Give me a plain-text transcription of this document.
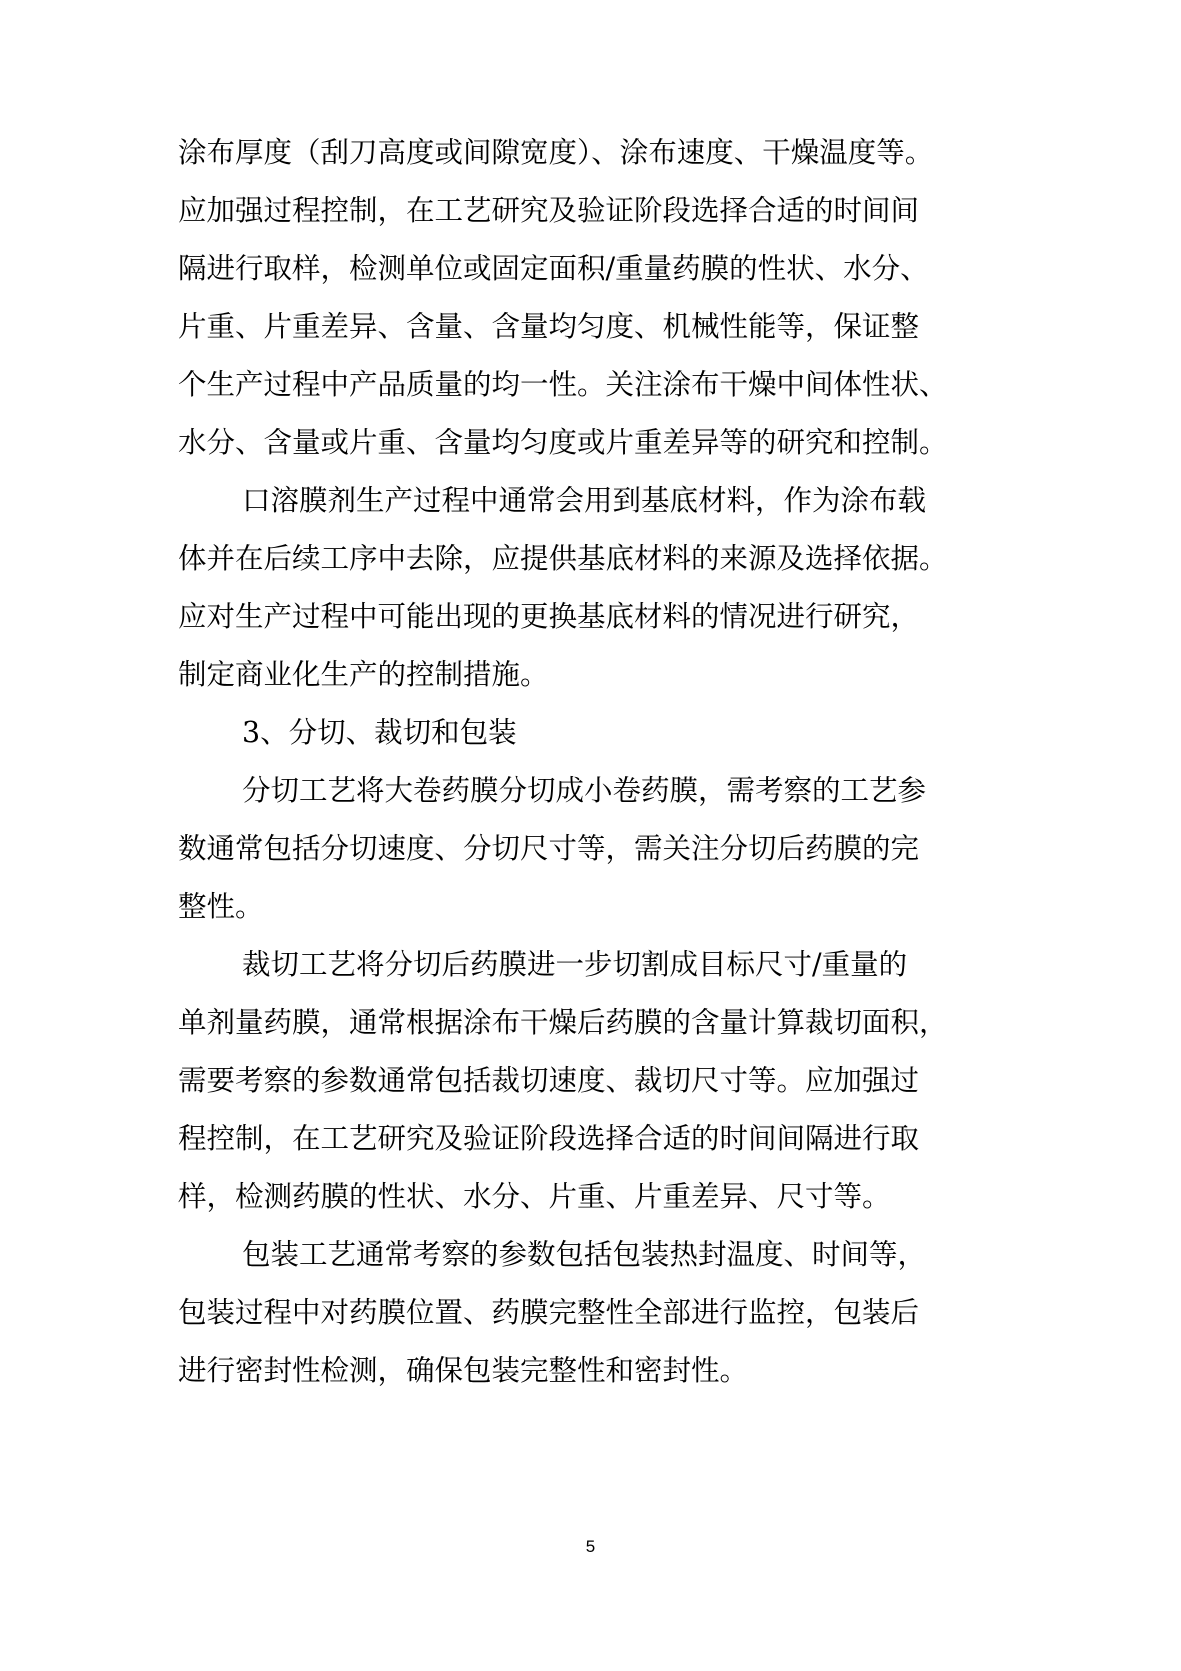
涂布厚度（刮刀高度或间隙宽度）、涂布速度、干燥温度等。
应加强过程控制，在工艺研究及验证阶段选择合适的时间间
隔进行取样，检测单位或固定面积/重量药膜的性状、水分、
片重、片重差异、含量、含量均匀度、机械性能等，保证整
个生产过程中产品质量的均一性。关注涂布干燥中间体性状、
水分、含量或片重、含量均匀度或片重差异等的研究和控制。
口溶膜剂生产过程中通常会用到基底材料，作为涂布载
体并在后续工序中去除，应提供基底材料的来源及选择依据。
应对生产过程中可能出现的更换基底材料的情况进行研究，
制定商业化生产的控制措施。
3、分切、裁切和包装
分切工艺将大卷药膜分切成小卷药膜，需考察的工艺参
数通常包括分切速度、分切尺寸等，需关注分切后药膜的完
整性。
裁切工艺将分切后药膜进一步切割成目标尺寸/重量的
单剂量药膜，通常根据涂布干燥后药膜的含量计算裁切面积，
需要考察的参数通常包括裁切速度、裁切尺寸等。应加强过
程控制，在工艺研究及验证阶段选择合适的时间间隔进行取
样，检测药膜的性状、水分、片重、片重差异、尺寸等。
包装工艺通常考察的参数包括包装热封温度、时间等，
包装过程中对药膜位置、药膜完整性全部进行监控，包装后
进行密封性检测，确保包装完整性和密封性。
5
